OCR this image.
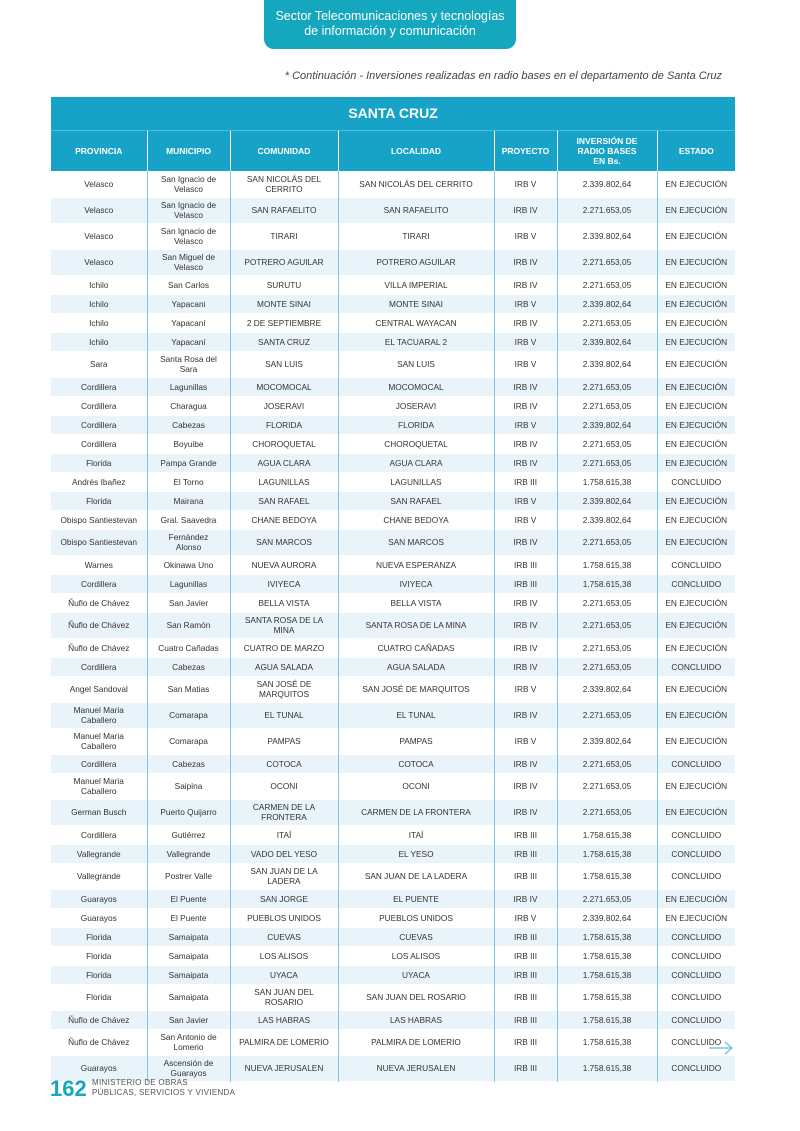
Sector Telecomunicaciones y tecnologías
de información y comunicación
* Continuación - Inversiones realizadas en radio bases en el departamento de Santa Cruz
SANTA CRUZ						
PROVINCIA	MUNICIPIO	COMUNIDAD	LOCALIDAD	PROYECTO	INVERSIÓN DE RADIO BASES EN Bs.	ESTADO
Velasco	San Ignacio de Velasco	SAN NICOLÁS DEL CERRITO	SAN NICOLÁS DEL CERRITO	IRB V	2.339.802,64	EN EJECUCIÓN
Velasco	San Ignacio de Velasco	SAN RAFAELITO	SAN RAFAELITO	IRB IV	2.271.653,05	EN EJECUCIÓN
Velasco	San Ignacio de Velasco	TIRARI	TIRARI	IRB V	2.339.802,64	EN EJECUCIÓN
Velasco	San Miguel de Velasco	POTRERO AGUILAR	POTRERO AGUILAR	IRB IV	2.271.653,05	EN EJECUCIÓN
Ichilo	San Carlos	SURUTU	VILLA IMPERIAL	IRB IV	2.271.653,05	EN EJECUCIÓN
Ichilo	Yapacani	MONTE SINAI	MONTE SINAI	IRB V	2.339.802,64	EN EJECUCIÓN
Ichilo	Yapacaní	2 DE SEPTIEMBRE	CENTRAL WAYACAN	IRB IV	2.271.653,05	EN EJECUCIÓN
Ichilo	Yapacaní	SANTA CRUZ	EL TACUARAL 2	IRB V	2.339.802,64	EN EJECUCIÓN
Sara	Santa Rosa del Sara	SAN LUIS	SAN LUIS	IRB V	2.339.802,64	EN EJECUCIÓN
Cordillera	Lagunillas	MOCOMOCAL	MOCOMOCAL	IRB IV	2.271.653,05	EN EJECUCIÓN
Cordillera	Charagua	JOSERAVI	JOSERAVI	IRB IV	2.271.653,05	EN EJECUCIÓN
Cordillera	Cabezas	FLORIDA	FLORIDA	IRB V	2.339.802,64	EN EJECUCIÓN
Cordillera	Boyuibe	CHOROQUETAL	CHOROQUETAL	IRB IV	2.271.653,05	EN EJECUCIÓN
Florida	Pampa Grande	AGUA CLARA	AGUA CLARA	IRB IV	2.271.653,05	EN EJECUCIÓN
Andrés Ibañez	El Torno	LAGUNILLAS	LAGUNILLAS	IRB III	1.758.615,38	CONCLUIDO
Florida	Mairana	SAN RAFAEL	SAN RAFAEL	IRB V	2.339.802,64	EN EJECUCIÓN
Obispo Santiestevan	Gral. Saavedra	CHANE BEDOYA	CHANE BEDOYA	IRB V	2.339.802,64	EN EJECUCIÓN
Obispo Santiestevan	Fernández Alonso	SAN MARCOS	SAN MARCOS	IRB IV	2.271.653,05	EN EJECUCIÓN
Warnes	Okinawa Uno	NUEVA AURORA	NUEVA ESPERANZA	IRB III	1.758.615,38	CONCLUIDO
Cordillera	Lagunillas	IVIYECA	IVIYECA	IRB III	1.758.615,38	CONCLUIDO
Ñuflo de Chávez	San Javier	BELLA VISTA	BELLA VISTA	IRB IV	2.271.653,05	EN EJECUCIÓN
Ñuflo de Chávez	San Ramón	SANTA ROSA DE LA MINA	SANTA ROSA DE LA MINA	IRB IV	2.271.653,05	EN EJECUCIÓN
Ñuflo de Chávez	Cuatro Cañadas	CUATRO DE MARZO	CUATRO CAÑADAS	IRB IV	2.271.653,05	EN EJECUCIÓN
Cordillera	Cabezas	AGUA SALADA	AGUA SALADA	IRB IV	2.271.653,05	CONCLUIDO
Angel Sandoval	San Matias	SAN JOSÉ DE MARQUITOS	SAN JOSÉ DE MARQUITOS	IRB V	2.339.802,64	EN EJECUCIÓN
Manuel Maria Caballero	Comarapa	EL TUNAL	EL TUNAL	IRB IV	2.271.653,05	EN EJECUCIÓN
Manuel Maria Caballero	Comarapa	PAMPAS	PAMPAS	IRB V	2.339.802,64	EN EJECUCIÓN
Cordillera	Cabezas	COTOCA	COTOCA	IRB IV	2.271.653,05	CONCLUIDO
Manuel Maria Caballero	Saipina	OCONI	OCONI	IRB IV	2.271.653,05	EN EJECUCIÓN
German Busch	Puerto Quijarro	CARMEN DE LA FRONTERA	CARMEN DE LA FRONTERA	IRB IV	2.271.653,05	EN EJECUCIÓN
Cordillera	Gutiérrez	ITAÍ	ITAÍ	IRB III	1.758.615,38	CONCLUIDO
Vallegrande	Vallegrande	VADO DEL YESO	EL YESO	IRB III	1.758.615,38	CONCLUIDO
Vallegrande	Postrer Valle	SAN JUAN DE LA LADERA	SAN JUAN DE LA LADERA	IRB III	1.758.615,38	CONCLUIDO
Guarayos	El Puente	SAN JORGE	EL PUENTE	IRB IV	2.271.653,05	EN EJECUCIÓN
Guarayos	El Puente	PUEBLOS UNIDOS	PUEBLOS UNIDOS	IRB V	2.339.802,64	EN EJECUCIÓN
Florida	Samaipata	CUEVAS	CUEVAS	IRB III	1.758.615,38	CONCLUIDO
Florida	Samaipata	LOS ALISOS	LOS ALISOS	IRB III	1.758.615,38	CONCLUIDO
Florida	Samaipata	UYACA	UYACA	IRB III	1.758.615,38	CONCLUIDO
Florida	Samaipata	SAN JUAN DEL ROSARIO	SAN JUAN DEL ROSARIO	IRB III	1.758.615,38	CONCLUIDO
Ñuflo de Chávez	San Javier	LAS HABRAS	LAS HABRAS	IRB III	1.758.615,38	CONCLUIDO
Ñuflo de Chávez	San Antonio de Lomerio	PALMIRA DE LOMERIO	PALMIRA DE LOMERIO	IRB III	1.758.615,38	CONCLUIDO
Guarayos	Ascensión de Guarayos	NUEVA JERUSALEN	NUEVA JERUSALEN	IRB III	1.758.615,38	CONCLUIDO
162 MINISTERIO DE OBRAS
PÚBLICAS, SERVICIOS Y VIVIENDA
